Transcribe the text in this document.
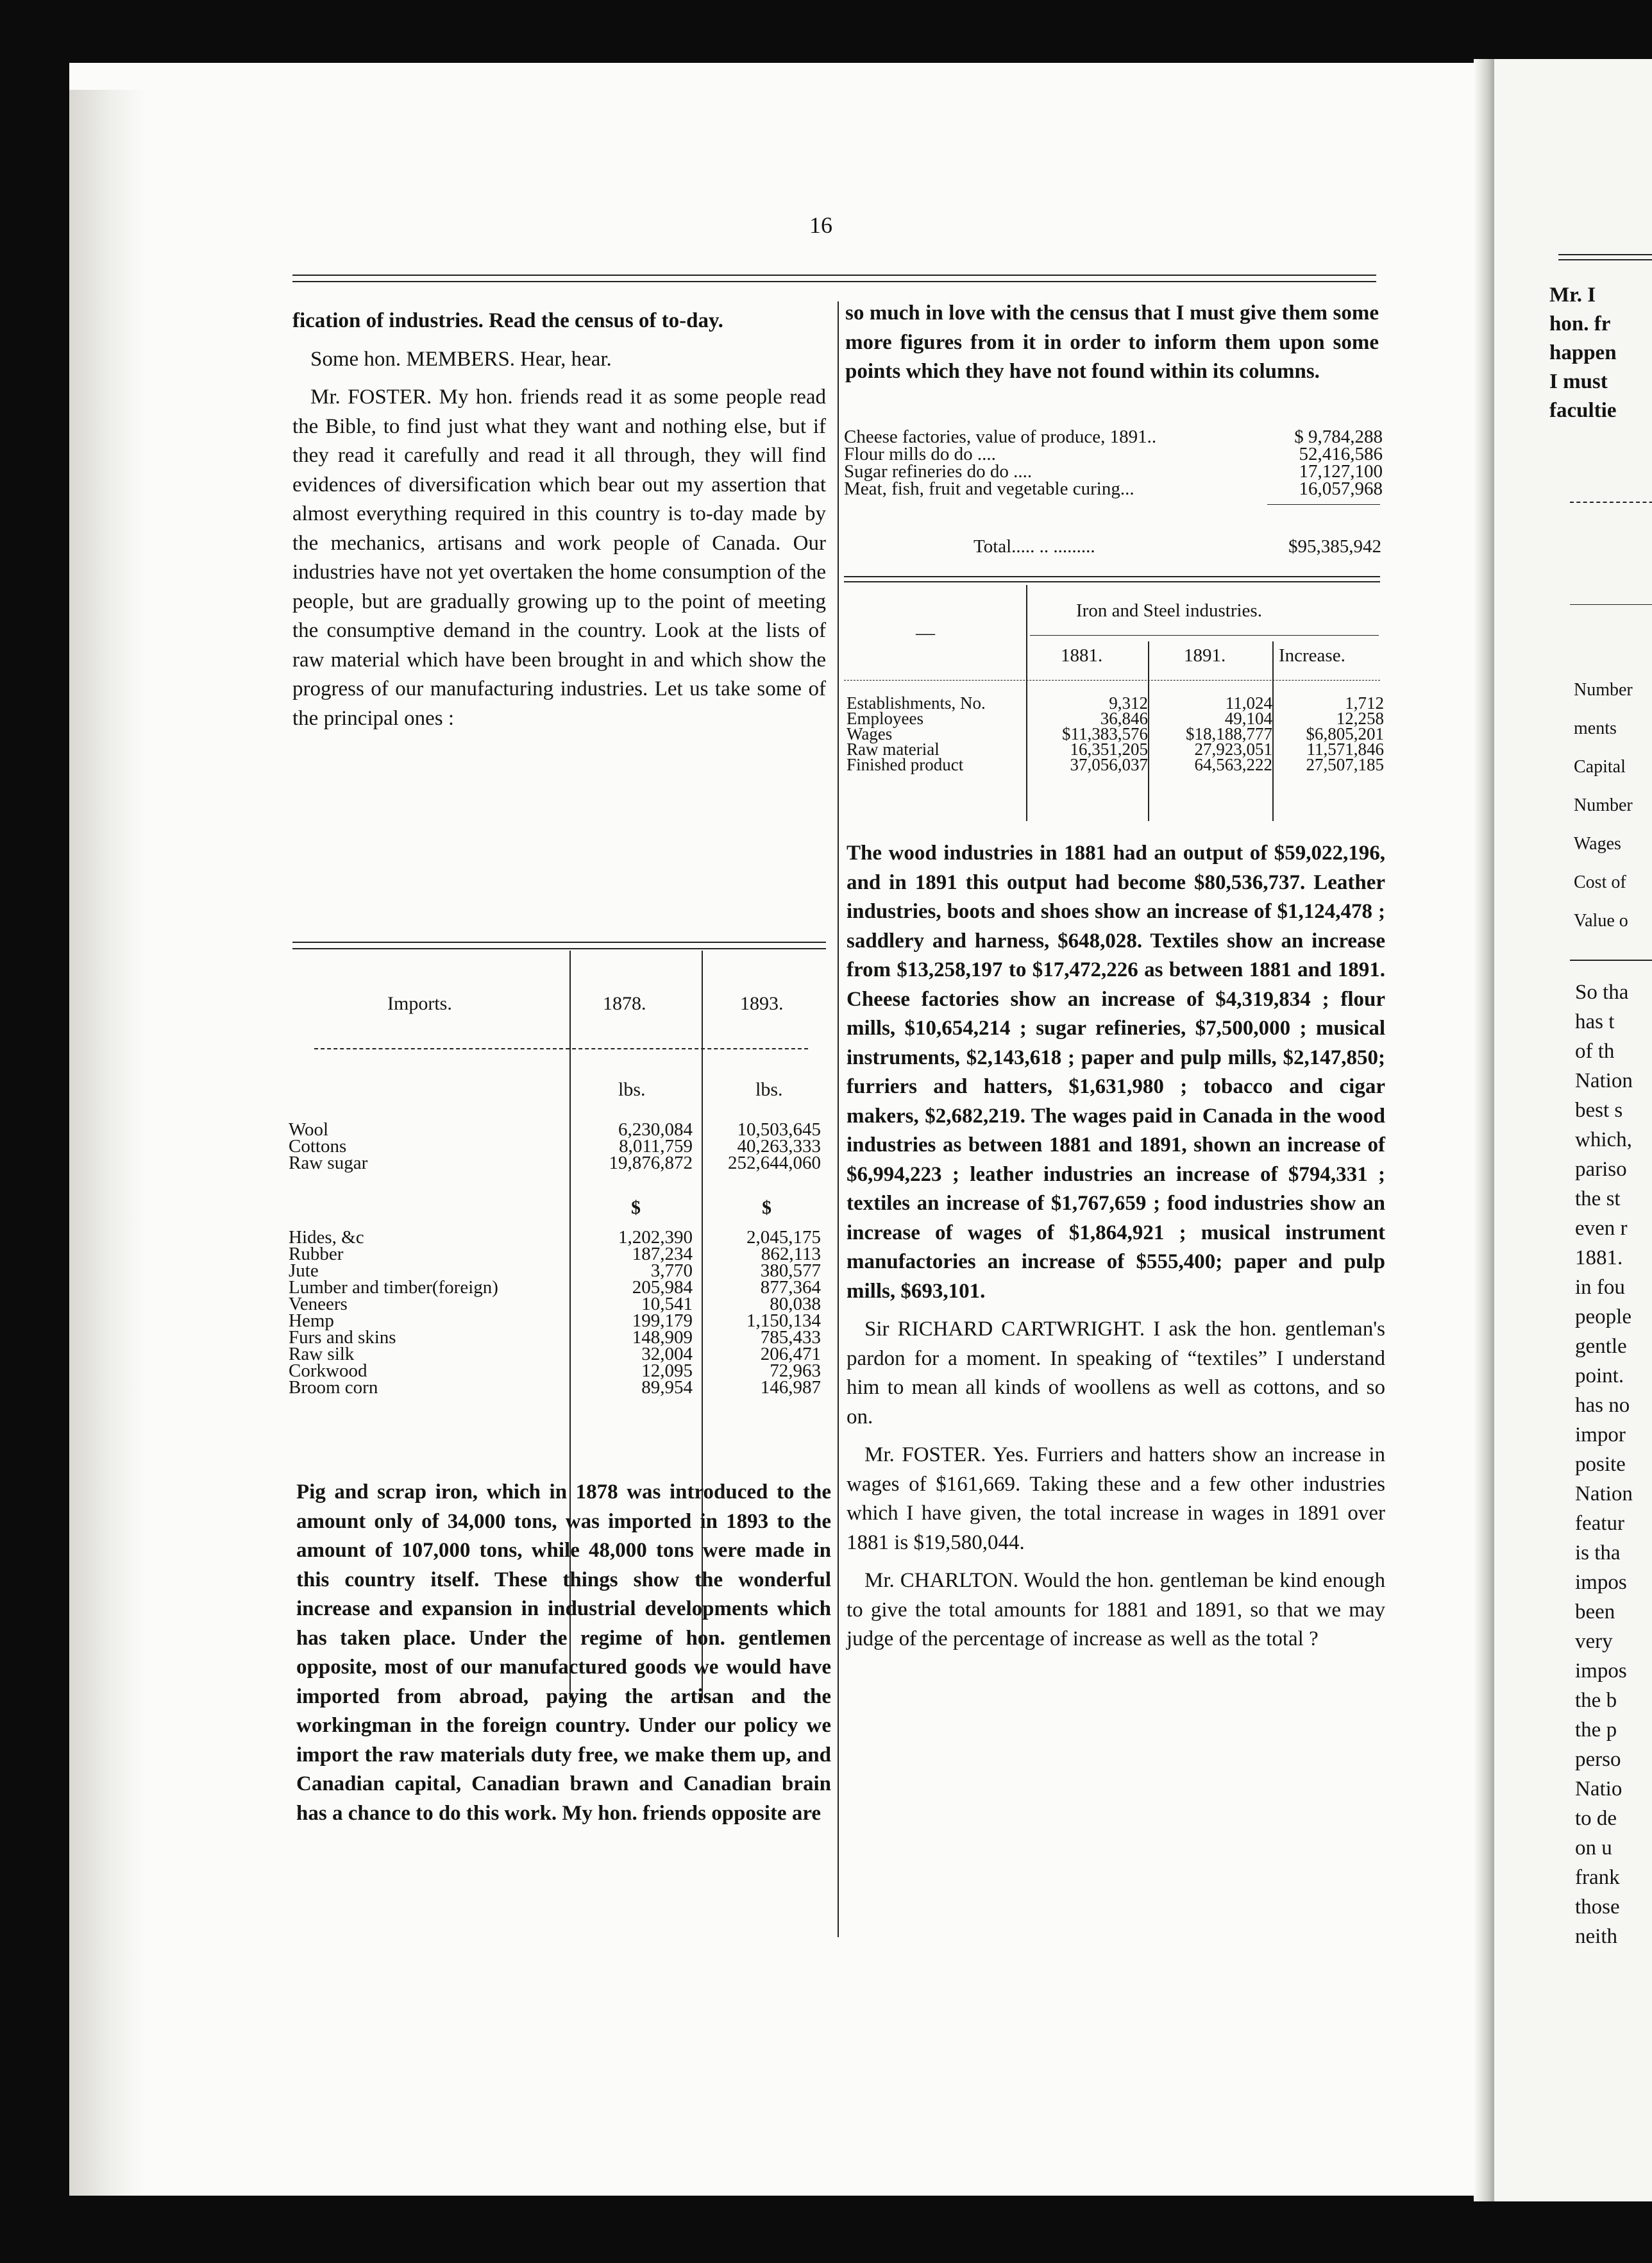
16

fication of industries. Read the census of to-day.

Some hon. MEMBERS. Hear, hear.

Mr. FOSTER. My hon. friends read it as some people read the Bible, to find just what they want and nothing else, but if they read it carefully and read it all through, they will find evidences of diversification which bear out my assertion that almost everything required in this country is to-day made by the mechanics, artisans and work people of Canada. Our industries have not yet overtaken the home consumption of the people, but are gradually growing up to the point of meeting the consumptive demand in the country. Look at the lists of raw material which have been brought in and which show the progress of our manufacturing industries. Let us take some of the principal ones :

Imports.	1878.	1893.
lbs.	lbs.
Wool	6,230,084	10,503,645
Cottons	8,011,759	40,263,333
Raw sugar	19,876,872	252,644,060
$	$
Hides, &c	1,202,390	2,045,175
Rubber	187,234	862,113
Jute	3,770	380,577
Lumber and timber(foreign)	205,984	877,364
Veneers	10,541	80,038
Hemp	199,179	1,150,134
Furs and skins	148,909	785,433
Raw silk	32,004	206,471
Corkwood	12,095	72,963
Broom corn	89,954	146,987

Pig and scrap iron, which in 1878 was introduced to the amount only of 34,000 tons, was imported in 1893 to the amount of 107,000 tons, while 48,000 tons were made in this country itself. These things show the wonderful increase and expansion in industrial developments which has taken place. Under the regime of hon. gentlemen opposite, most of our manufactured goods we would have imported from abroad, paying the artisan and the workingman in the foreign country. Under our policy we import the raw materials duty free, we make them up, and Canadian capital, Canadian brawn and Canadian brain has a chance to do this work. My hon. friends opposite are

so much in love with the census that I must give them some more figures from it in order to inform them upon some points which they have not found within its columns.

Cheese factories, value of produce, 1891..	$ 9,784,288
Flour mills do do ....	52,416,586
Sugar refineries do do ....	17,127,100
Meat, fish, fruit and vegetable curing...	16,057,968
Total..... .. .........	$95,385,942
—
Iron and Steel industries.
1881.	1891.	Increase.
Establishments, No.	9,312	11,024	1,712
Employees	36,846	49,104	12,258
Wages	$11,383,576	$18,188,777	$6,805,201
Raw material	16,351,205	27,923,051	11,571,846
Finished product	37,056,037	64,563,222	27,507,185

The wood industries in 1881 had an output of $59,022,196, and in 1891 this output had become $80,536,737. Leather industries, boots and shoes show an increase of $1,124,478 ; saddlery and harness, $648,028. Textiles show an increase from $13,258,197 to $17,472,226 as between 1881 and 1891. Cheese factories show an increase of $4,319,834 ; flour mills, $10,654,214 ; sugar refineries, $7,500,000 ; musical instruments, $2,143,618 ; paper and pulp mills, $2,147,850; furriers and hatters, $1,631,980 ; tobacco and cigar makers, $2,682,219. The wages paid in Canada in the wood industries as between 1881 and 1891, shown an increase of $6,994,223 ; leather industries an increase of $794,331 ; textiles an increase of $1,767,659 ; food industries show an increase of wages of $1,864,921 ; musical instrument manufactories an increase of $555,400; paper and pulp mills, $693,101.

Sir RICHARD CARTWRIGHT. I ask the hon. gentleman's pardon for a moment. In speaking of “textiles” I understand him to mean all kinds of woollens as well as cottons, and so on.

Mr. FOSTER. Yes. Furriers and hatters show an increase in wages of $161,669. Taking these and a few other industries which I have given, the total increase in wages in 1891 over 1881 is $19,580,044.

Mr. CHARLTON. Would the hon. gentleman be kind enough to give the total amounts for 1881 and 1891, so that we may judge of the percentage of increase as well as the total ?

Mr. I
hon. fr
happen
I must
facultie
Number
ments
Capital
Number
Wages
Cost of
Value o
So tha
has t
of th
Nation
best s
which,
pariso
the st
even r
1881.
in fou
people
gentle
point.
has no
impor
posite
Nation
featur
is tha
impos
been
very
impos
the b
the p
perso
Natio
to de
on u
frank
those
neith
